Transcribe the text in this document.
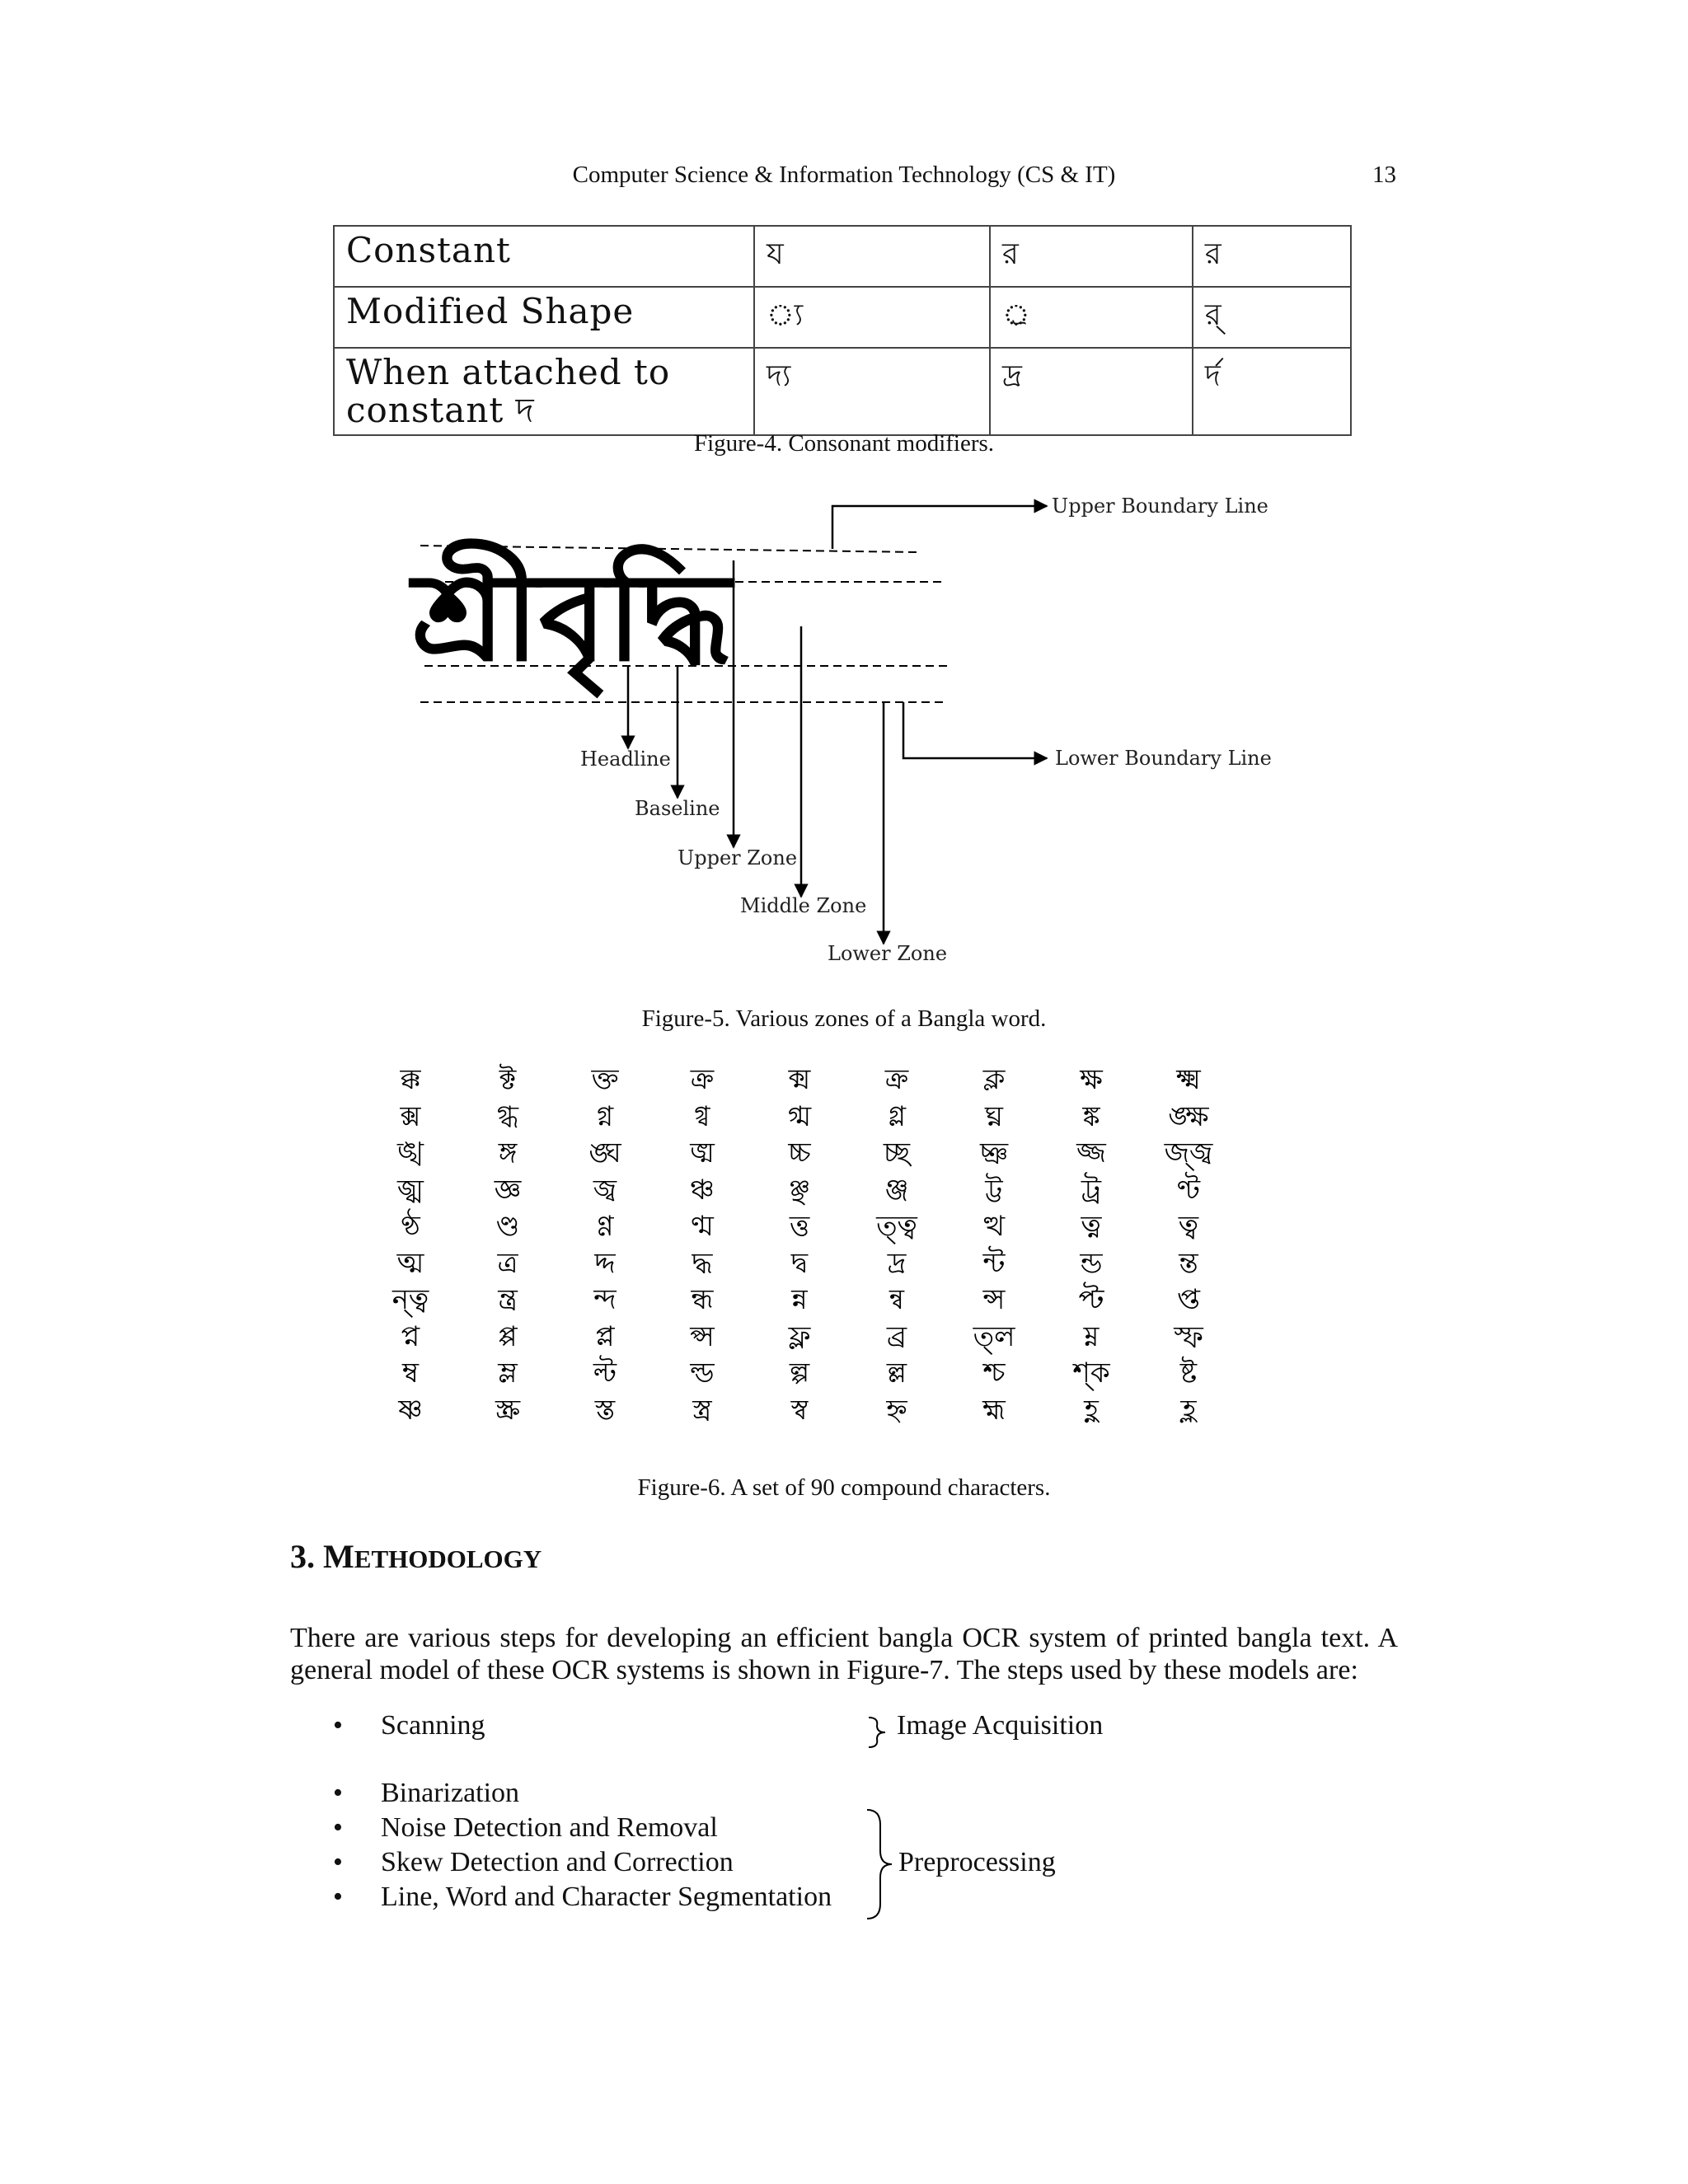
Computer Science & Information Technology (CS & IT)	13
Constant	য	র	র
Modified Shape	্য	্র	র্
When attached to constant দ	দ্য	দ্র	র্দ
Figure-4. Consonant modifiers.
শ্রীবৃদ্ধি
Upper Boundary Line
Lower Boundary Line
Headline
Baseline
Upper Zone
Middle Zone
Lower Zone
Figure-5. Various zones of a Bangla word.
ক্ক	ক্ট	ক্ত	ক্র	ক্ম	ক্র	ক্ল	ক্ষ	ক্ষ্ম
ক্স	গ্ধ	গ্ন	গ্ব	গ্ম	গ্ল	ঘ্ন	ঙ্ক	ঙ্ক্ষ
ঙ্খ	ঙ্গ	ঙ্ঘ	ঙ্ম	চ্চ	চ্ছ	চ্ঞ	জ্জ	জ্জ্ব
জ্ঝ	জ্ঞ	জ্ব	ঞ্চ	ঞ্ছ	ঞ্জ	ট্ট	ট্র	ণ্ট
ণ্ঠ	ণ্ড	ণ্ণ	ণ্ম	ত্ত	ত্ত্ব	ত্থ	ত্ন	ত্ব
ত্ম	ত্র	দ্দ	দ্ধ	দ্ব	দ্র	ন্ট	ন্ড	ন্ত
ন্ত্ব	ন্ত্র	ন্দ	ন্ধ	ন্ন	ন্ব	ন্স	প্ট	প্ত
প্ন	প্প	প্ল	প্স	ফ্ল	ব্র	ত্ল	ম্ন	স্ফ
ম্ব	ম্ল	ল্ট	ল্ড	ল্প	ল্ল	শ্চ	শ্ক	ষ্ট
ষ্ণ	স্ক্র	স্ত	স্ত্র	স্ব	হ্ন	হ্ম	হ্ণ	হ্ল
Figure-6. A set of 90 compound characters.
3. METHODOLOGY
There are various steps for developing an efficient bangla OCR system of printed bangla text. A general model of these OCR systems is shown in Figure-7. The steps used by these models are:
• Scanning	Image Acquisition
• Binarization
• Noise Detection and Removal
• Skew Detection and Correction
• Line, Word and Character Segmentation
Preprocessing
